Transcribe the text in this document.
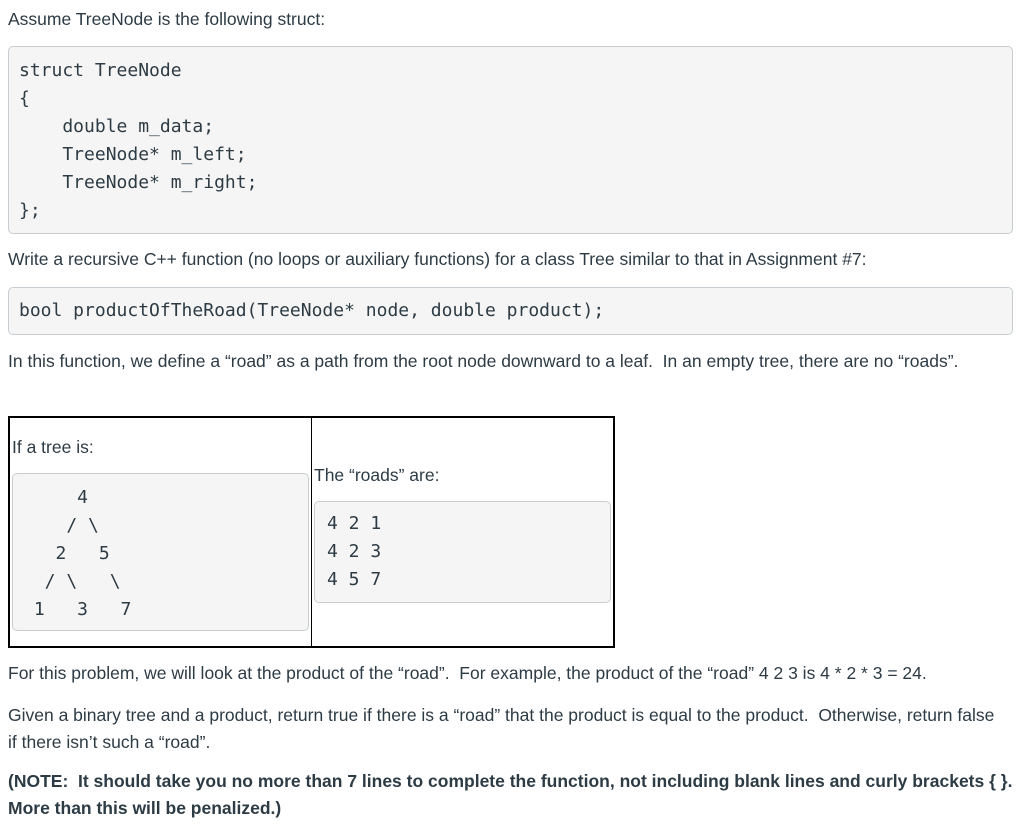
Assume TreeNode is the following struct:

struct TreeNode
{
double m_data;
TreeNode* m_left;
TreeNode* m_right;
};

Write a recursive C++ function (no loops or auxiliary functions) for a class Tree similar to that in Assignment #7:

bool productOfTheRoad(TreeNode* node, double product);

In this function, we define a “road” as a path from the root node downward to a leaf.  In an empty tree, there are no “roads”.

If a tree is:
4
/ \
2   5
/ \   \
1   3   7

The “roads” are:
4 2 1
4 2 3
4 5 7

For this problem, we will look at the product of the “road”.  For example, the product of the “road” 4 2 3 is 4 * 2 * 3 = 24.

Given a binary tree and a product, return true if there is a “road” that the product is equal to the product.  Otherwise, return false if there isn’t such a “road”.

(NOTE:  It should take you no more than 7 lines to complete the function, not including blank lines and curly brackets { }.  More than this will be penalized.)
